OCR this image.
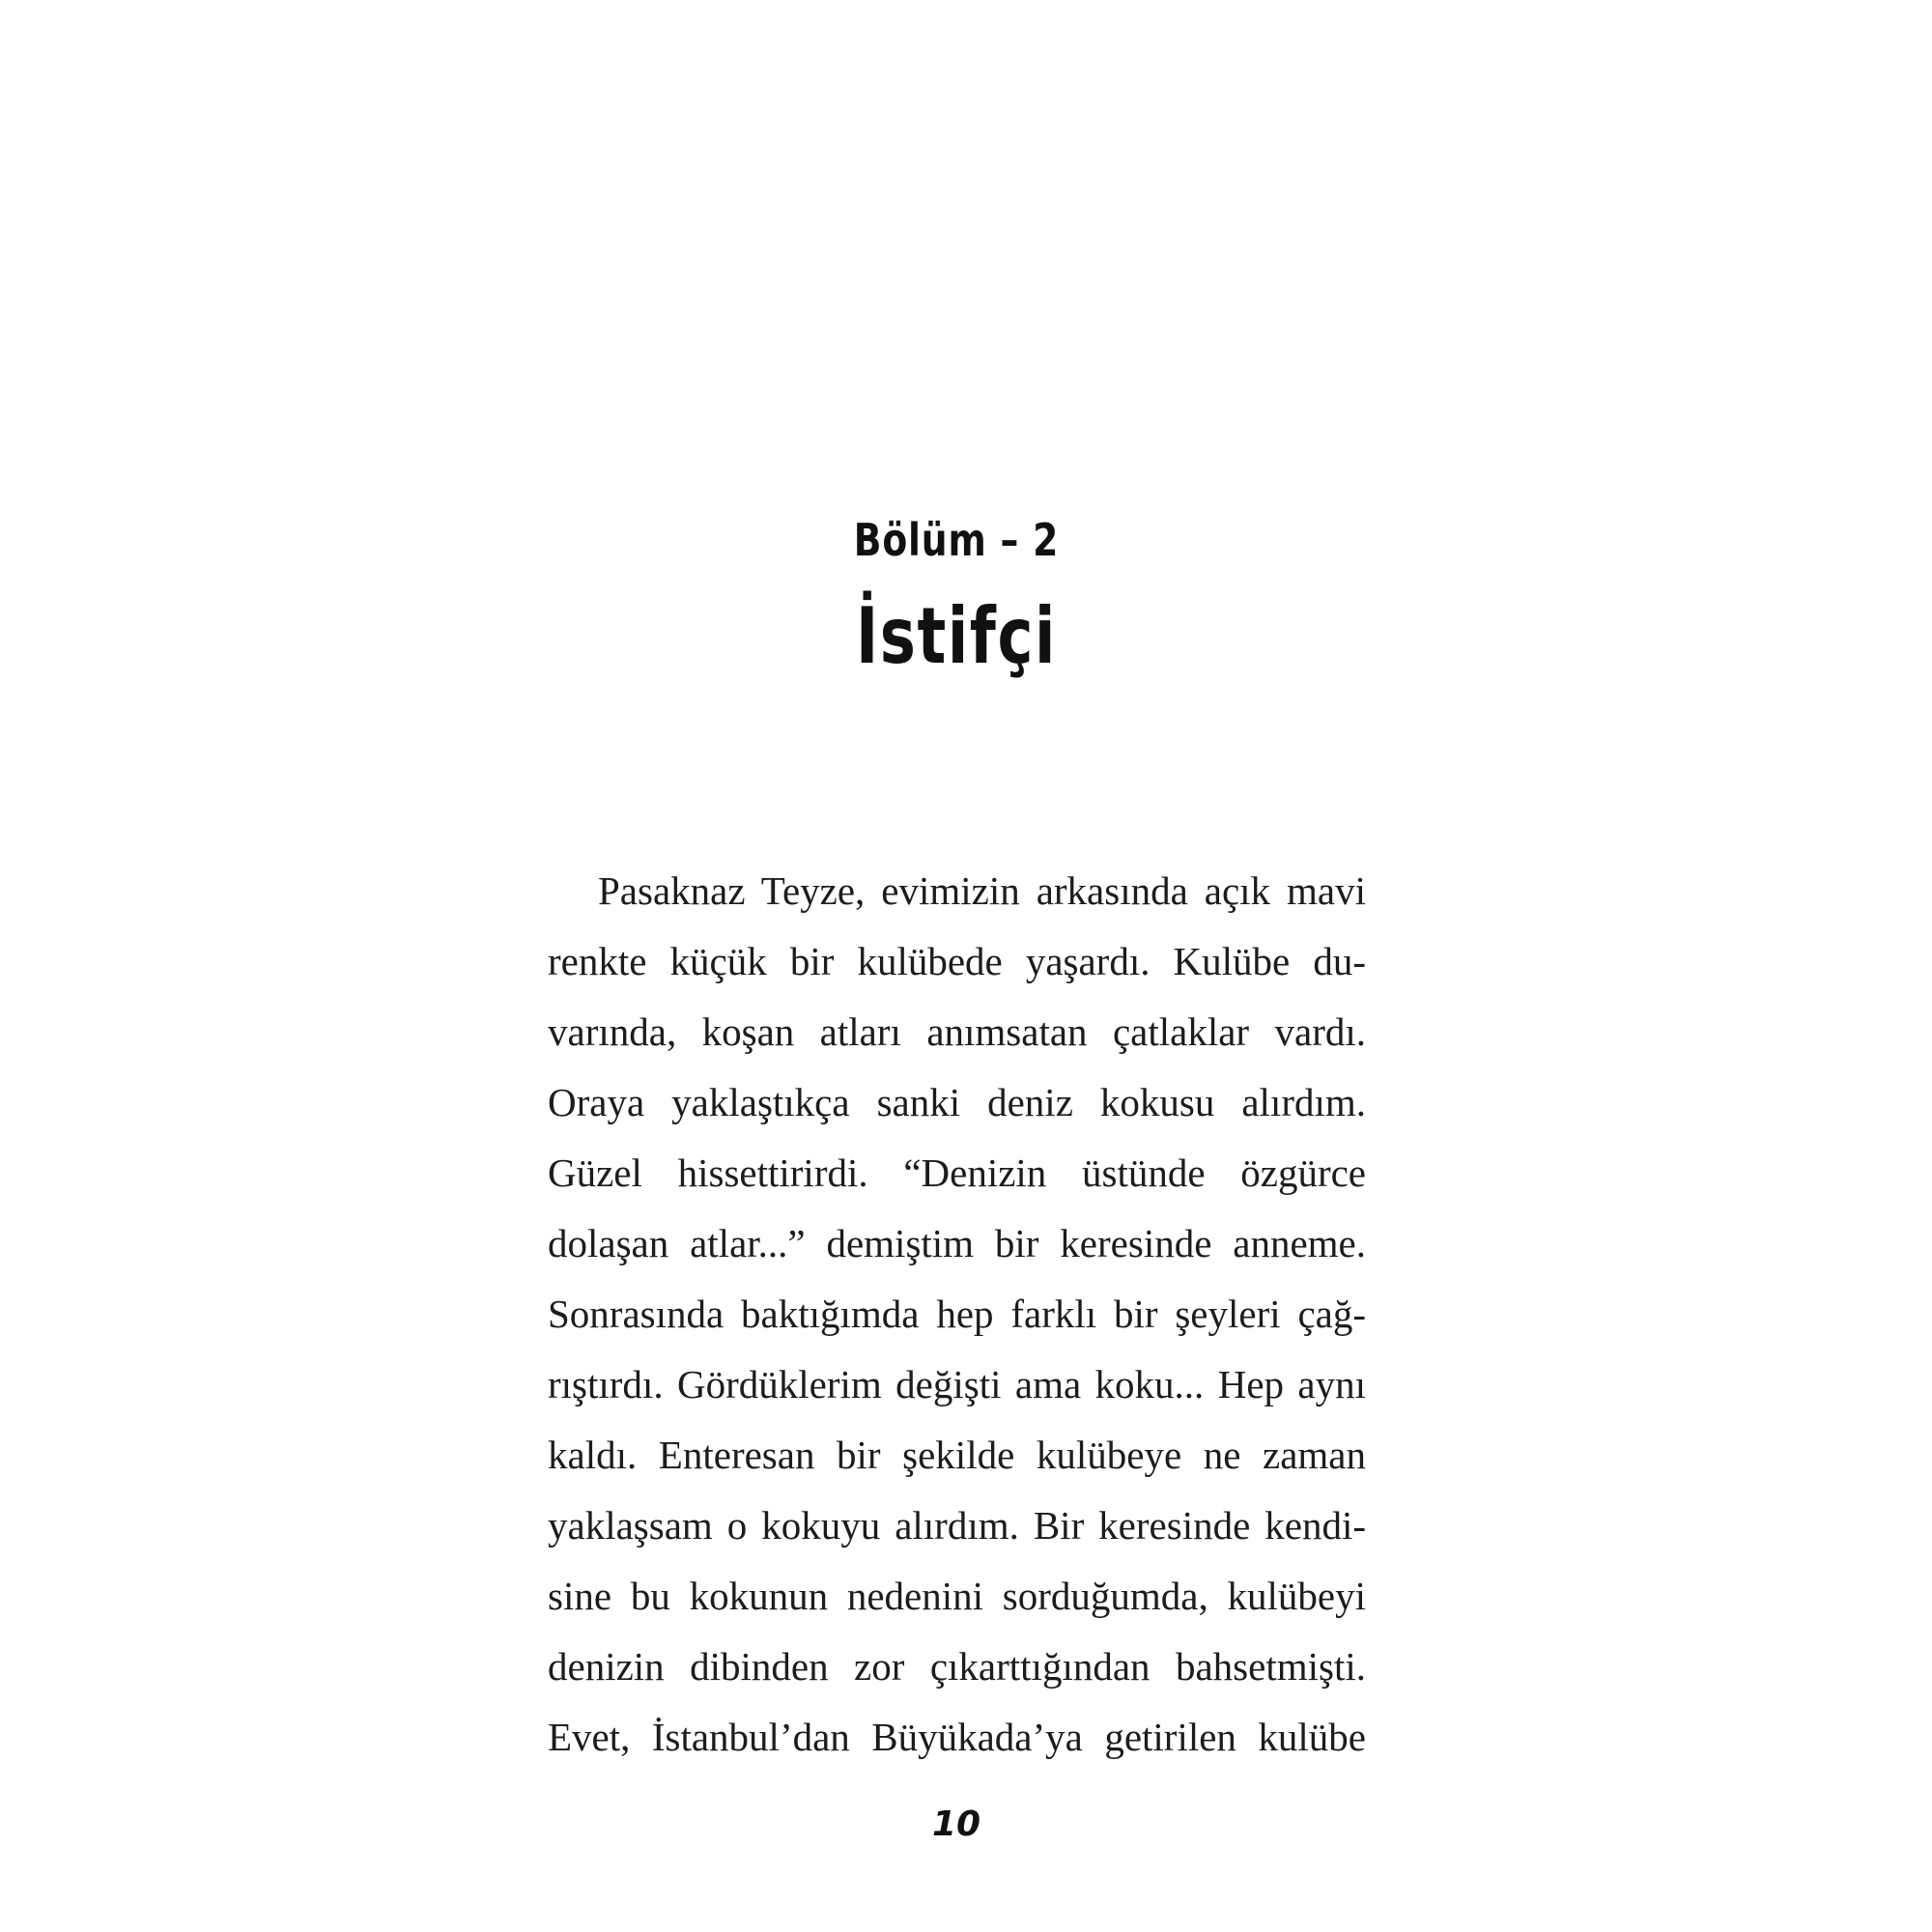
Bölüm – 2
İstifçi
Pasaknaz Teyze, evimizin arkasında açık mavi
renkte küçük bir kulübede yaşardı. Kulübe du-
varında, koşan atları anımsatan çatlaklar vardı.
Oraya yaklaştıkça sanki deniz kokusu alırdım.
Güzel hissettirirdi. “Denizin üstünde özgürce
dolaşan atlar...” demiştim bir keresinde anneme.
Sonrasında baktığımda hep farklı bir şeyleri çağ-
rıştırdı. Gördüklerim değişti ama koku... Hep aynı
kaldı. Enteresan bir şekilde kulübeye ne zaman
yaklaşsam o kokuyu alırdım. Bir keresinde kendi-
sine bu kokunun nedenini sorduğumda, kulübeyi
denizin dibinden zor çıkarttığından bahsetmişti.
Evet, İstanbul’dan Büyükada’ya getirilen kulübe
10
